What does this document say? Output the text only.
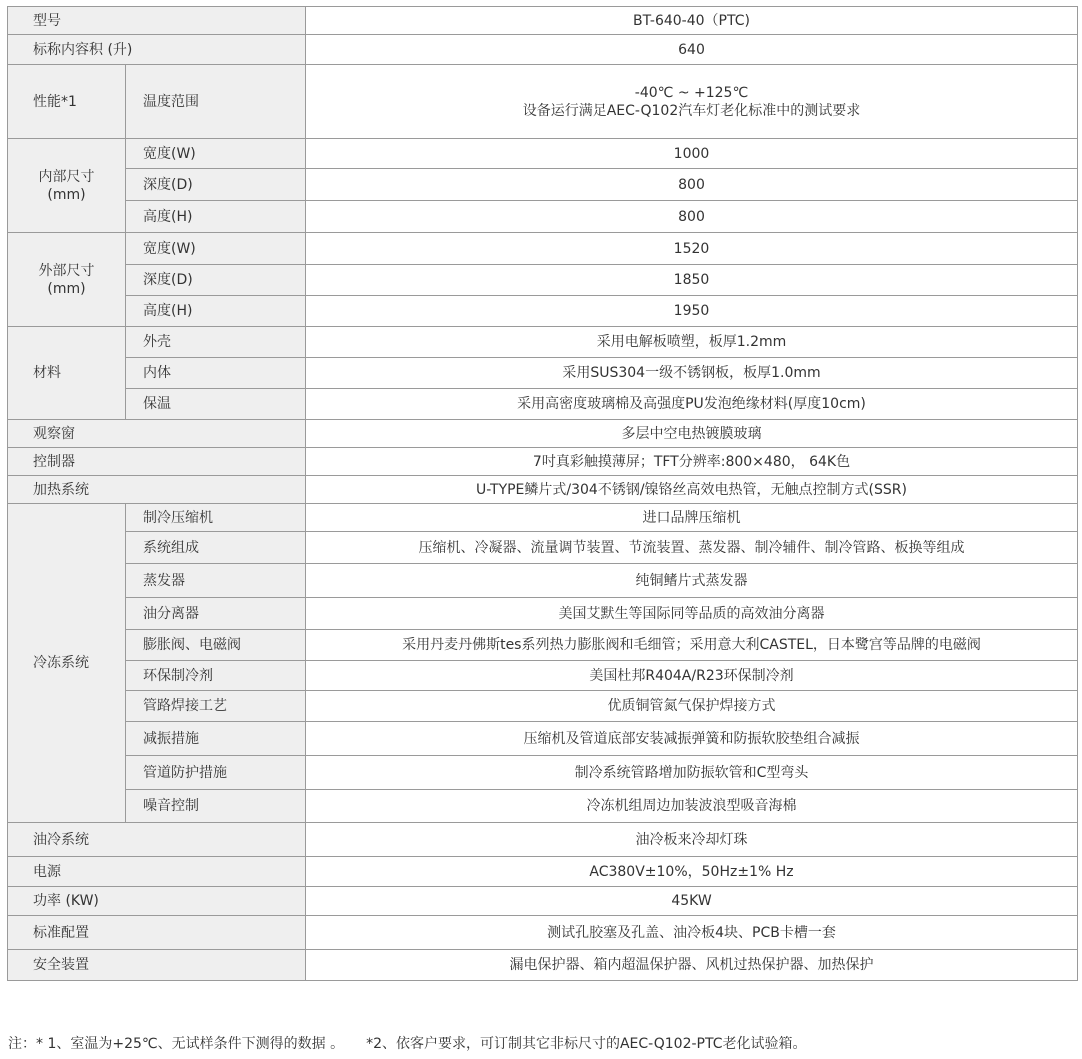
型号		BT-640-40（PTC)
标称内容积 (升)		640
性能*1	温度范围	-40℃ ~ +125℃
设备运行满足AEC-Q102汽车灯老化标准中的测试要求

内部尺寸
(mm)	宽度(W)	1000
	深度(D)	800
	高度(H)	800

外部尺寸
(mm)	宽度(W)	1520
	深度(D)	1850
	高度(H)	1950
材料	外壳	采用电解板喷塑，板厚1.2mm
	内体	采用SUS304一级不锈钢板，板厚1.0mm
	保温	采用高密度玻璃棉及高强度PU发泡绝缘材料(厚度10cm)
观察窗		多层中空电热镀膜玻璃
控制器		7吋真彩触摸薄屏；TFT分辨率:800×480， 64K色
加热系统		U-TYPE鳞片式/304不锈钢/镍铬丝高效电热管，无触点控制方式(SSR)
冷冻系统	制冷压缩机	进口品牌压缩机
	系统组成	压缩机、冷凝器、流量调节装置、节流装置、蒸发器、制冷辅件、制冷管路、板换等组成
	蒸发器	纯铜鳍片式蒸发器
	油分离器	美国艾默生等国际同等品质的高效油分离器
	膨胀阀、电磁阀	采用丹麦丹佛斯tes系列热力膨胀阀和毛细管；采用意大利CASTEL，日本鹭宫等品牌的电磁阀
	环保制冷剂	美国杜邦R404A/R23环保制冷剂
	管路焊接工艺	优质铜管氮气保护焊接方式
	减振措施	压缩机及管道底部安装减振弹簧和防振软胶垫组合减振
	管道防护措施	制冷系统管路增加防振软管和C型弯头
	噪音控制	冷冻机组周边加装波浪型吸音海棉
油冷系统		油冷板来冷却灯珠
电源		AC380V±10%，50Hz±1% Hz
功率 (KW)		45KW
标准配置		测试孔胶塞及孔盖、油冷板4块、PCB卡槽一套
安全装置		漏电保护器、箱内超温保护器、风机过热保护器、加热保护
注：* 1、室温为+25℃、无试样条件下测得的数据 。 *2、依客户要求，可订制其它非标尺寸的AEC-Q102-PTC老化试验箱。
